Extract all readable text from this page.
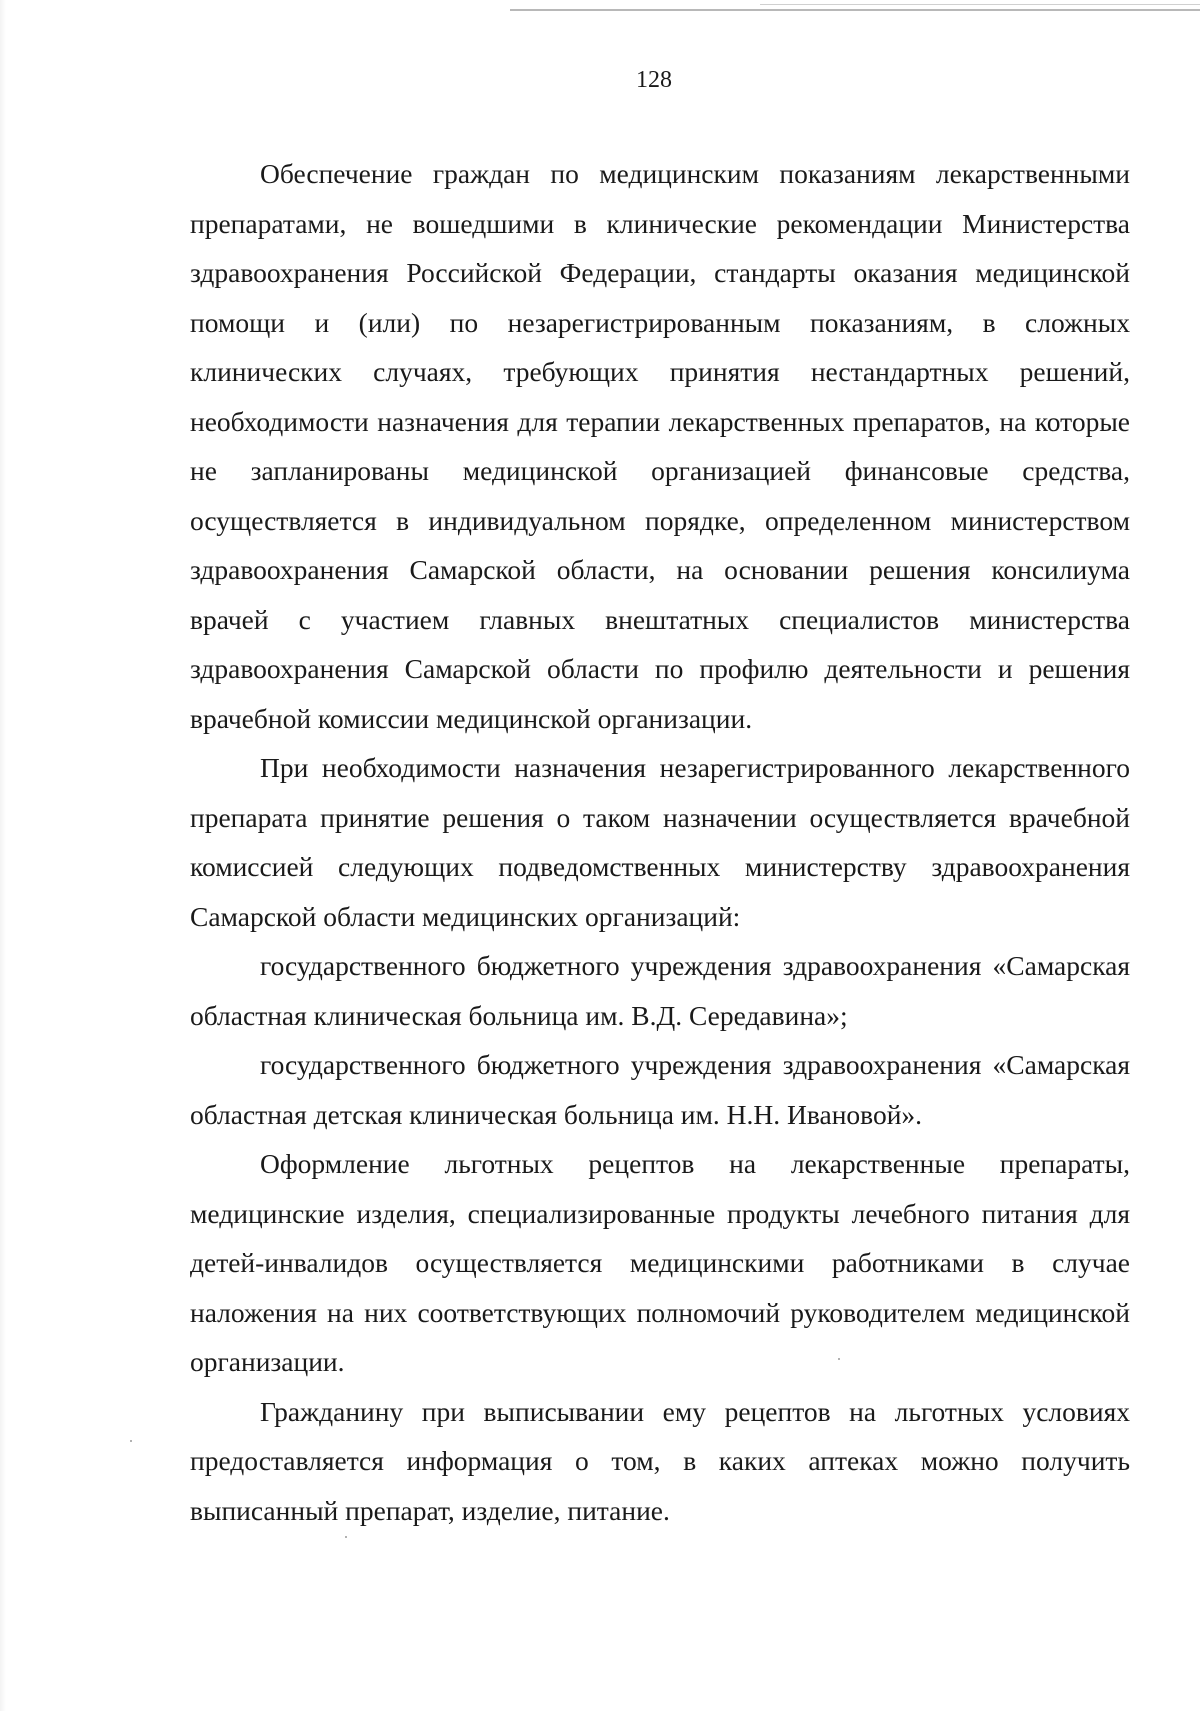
128

Обеспечение граждан по медицинским показаниям лекарственными препаратами, не вошедшими в клинические рекомендации Министерства здравоохранения Российской Федерации, стандарты оказания медицинской помощи и (или) по незарегистрированным показаниям, в сложных клинических случаях, требующих принятия нестандартных решений, необходимости назначения для терапии лекарственных препаратов, на которые не запланированы медицинской организацией финансовые средства, осуществляется в индивидуальном порядке, определенном министерством здравоохранения Самарской области, на основании решения консилиума врачей с участием главных внештатных специалистов министерства здравоохранения Самарской области по профилю деятельности и решения врачебной комиссии медицинской организации.

При необходимости назначения незарегистрированного лекарственного препарата принятие решения о таком назначении осуществляется врачебной комиссией следующих подведомственных министерству здравоохранения Самарской области медицинских организаций:

государственного бюджетного учреждения здравоохранения «Самарская областная клиническая больница им. В.Д. Середавина»;

государственного бюджетного учреждения здравоохранения «Самарская областная детская клиническая больница им. Н.Н. Ивановой».

Оформление льготных рецептов на лекарственные препараты, медицинские изделия, специализированные продукты лечебного питания для детей-инвалидов осуществляется медицинскими работниками в случае наложения на них соответствующих полномочий руководителем медицинской организации.

Гражданину при выписывании ему рецептов на льготных условиях предоставляется информация о том, в каких аптеках можно получить выписанный препарат, изделие, питание.
